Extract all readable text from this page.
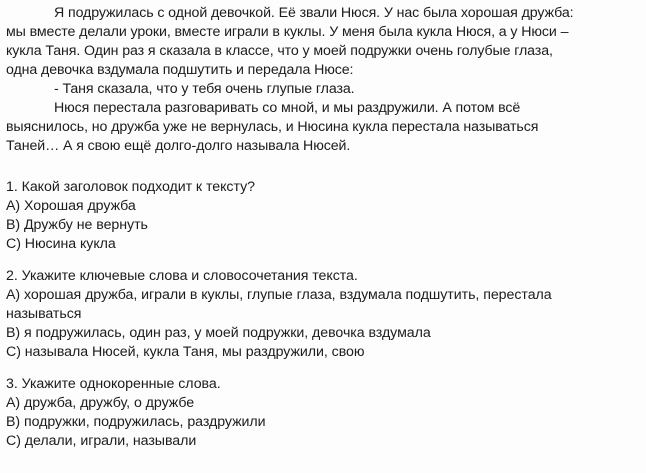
Я подружилась с одной девочкой. Её звали Нюся. У нас была хорошая дружба:
мы вместе делали уроки, вместе играли в куклы. У меня была кукла Нюся, а у Нюси –
кукла Таня. Один раз я сказала в классе, что у моей подружки очень голубые глаза,
одна девочка вздумала подшутить и передала Нюсе:
- Таня сказала, что у тебя очень глупые глаза.
Нюся перестала разговаривать со мной, и мы раздружили. А потом всё
выяснилось, но дружба уже не вернулась, и Нюсина кукла перестала называться
Таней… А я свою ещё долго-долго называла Нюсей.
1. Какой заголовок подходит к тексту?
А) Хорошая дружба
В) Дружбу не вернуть
С) Нюсина кукла
2. Укажите ключевые слова и словосочетания текста.
А) хорошая дружба, играли в куклы, глупые глаза, вздумала подшутить, перестала
называться
В) я подружилась, один раз, у моей подружки, девочка вздумала
С) называла Нюсей, кукла Таня, мы раздружили, свою
3. Укажите однокоренные слова.
А) дружба, дружбу, о дружбе
В) подружки, подружилась, раздружили
С) делали, играли, называли
